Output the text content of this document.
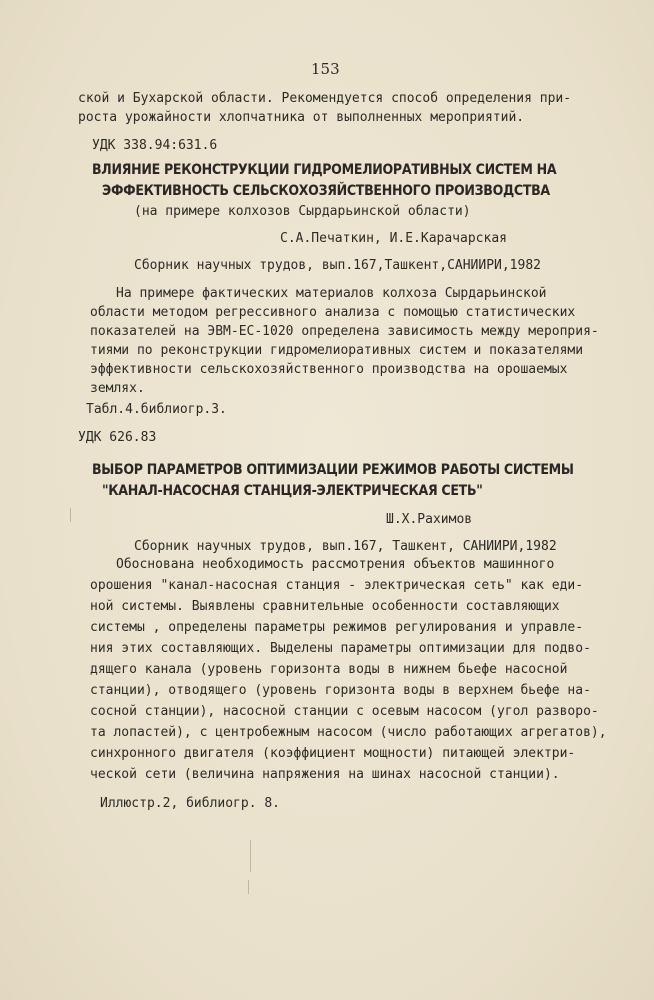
153
ской и Бухарской области. Рекомендуется способ определения при-
роста урожайности хлопчатника от выполненных мероприятий.
УДК 338.94:631.6
ВЛИЯНИЕ РЕКОНСТРУКЦИИ ГИДРОМЕЛИОРАТИВНЫХ СИСТЕМ НА
ЭФФЕКТИВНОСТЬ СЕЛЬСКОХОЗЯЙСТВЕННОГО ПРОИЗВОДСТВА
(на примере колхозов Сырдарьинской области)
С.А.Печаткин, И.Е.Карачарская
Сборник научных трудов, вып.167,Ташкент,САНИИРИ,1982
На примере фактических материалов колхоза Сырдарьинской
области методом регрессивного анализа с помощью статистических
показателей на ЭВМ-ЕС-1020 определена зависимость между мероприя-
тиями по реконструкции гидромелиоративных систем и показателями
эффективности сельскохозяйственного производства на орошаемых
землях.
Табл.4.библиогр.3.
УДК 626.83
ВЫБОР ПАРАМЕТРОВ ОПТИМИЗАЦИИ РЕЖИМОВ РАБОТЫ СИСТЕМЫ
"КАНАЛ-НАСОСНАЯ СТАНЦИЯ-ЭЛЕКТРИЧЕСКАЯ СЕТЬ"
Ш.Х.Рахимов
Сборник научных трудов, вып.167, Ташкент, САНИИРИ,1982
Обоснована необходимость рассмотрения объектов машинного
орошения "канал-насосная станция - электрическая сеть" как еди-
ной системы. Выявлены сравнительные особенности составляющих
системы , определены параметры режимов регулирования и управле-
ния этих составляющих. Выделены параметры оптимизации для подво-
дящего канала (уровень горизонта воды в нижнем бьефе насосной
станции), отводящего (уровень горизонта воды в верхнем бьефе на-
сосной станции), насосной станции с осевым насосом (угол разворо-
та лопастей), с центробежным насосом (число работающих агрегатов),
синхронного двигателя (коэффициент мощности) питающей электри-
ческой сети (величина напряжения на шинах насосной станции).
Иллюстр.2, библиогр. 8.
